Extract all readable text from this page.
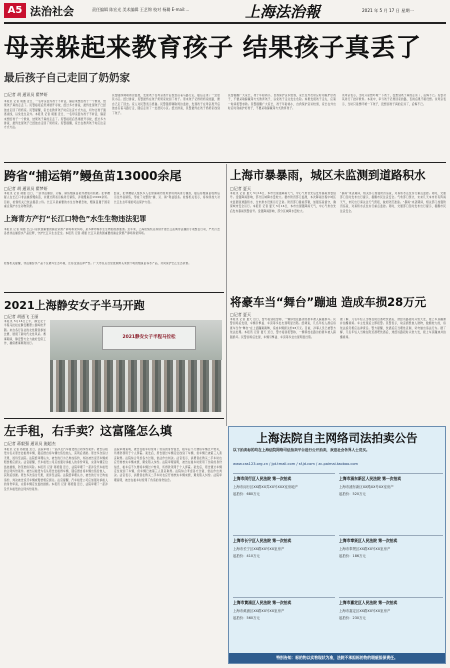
A5 法治社会	责任编辑 陈宏光 美术编辑 王艺锦 校对 杨璐 E-mail:...	上海法治報	2021 年 5 月 17 日 星期一
母亲躲起来教育孩子 结果孩子真丢了
最后孩子自己走回了奶奶家
□记者 胡 通讯员 翟梦妍
本报讯 记者 胡通 近日，一名母亲因为孩子不听话，躲起来想给孩子一个教训，结果孩子真的走丢了。民警接报后迅速展开寻找，经过多方排查，最终发现孩子已经独自走回了奶奶家。民警提醒，家长在教育孩子时应注意方式方法，切勿让孩子脱离视线，以免发生意外。本报讯 记者 胡通 近日，一名母亲因为孩子不听话，躲起来想给孩子一个教训，结果孩子真的走丢了。民警接报后迅速展开寻找，经过多方排查，最终发现孩子已经独自走回了奶奶家。民警提醒，家长在教育孩子时应注意方式方法。
民警随即调取周边监控，发现孩子在母亲离开后独自沿着马路行走，随后走进了一处居民小区。经过排查，民警最终在孩子奶奶家找到了孩子。原来孩子记得奶奶家的路，便自己走了回去。家人对民警表示感谢。民警随即调取周边监控，发现孩子在母亲离开后独自沿着马路行走，随后走进了一处居民小区。经过排查，民警最终在孩子奶奶家找到了孩子。
民警提醒广大家长，孩子年龄尚小，自我保护意识较弱，家长在外出时应时刻看护好孩子，不要采取躲藏等方式教育孩子，以免孩子走失发生危险。如果发现孩子走失，应第一时间报警求助。民警提醒广大家长，孩子年龄尚小，自我保护意识较弱，家长在外出时应时刻看护好孩子，不要采取躲藏等方式教育孩子。
该母亲表示，当时只是想吓唬一下孩子，没想到孩子真的走远了，后悔不已。民警对其进行了批评教育。本案中，幸亏孩子记得回家的路，否则后果不堪设想。该母亲表示，当时只是想吓唬一下孩子，没想到孩子真的走远了，后悔不已。
跨省“捕运销”鳗鱼苗13000余尾
□记者 胡 通讯员 翟梦妍
本报讯 记者 胡通 近日，一起非法捕捞、运输、销售鳗鱼苗案件被成功侦破。犯罪嫌疑人在长江口非法捕捞鳗鱼苗，并通过跨省运输进行销售，涉案鳗鱼苗13000余尾。目前，检察机关已依法提起公诉。长江口是重要的水生生物栖息地，鳗鱼苗属于国家重点保护水生动物资源。
经查，犯罪嫌疑人组织多人在禁渔期内使用禁用网具进行捕捞，随后将鳗鱼苗收购后运往外省销售，形成了完整的“捕、运、销”利益链条。检察机关表示，将持续加大对长江生态环境的司法保护力度。
上海青方产打“长江口特色”水生生物违法犯罪
本报讯 记者 胡通 长江口是我国重要的渔业资源产卵场和索饵场，是多种珍稀水生生物的洄游通道。近年来，上海检察机关持续开展长江流域非法捕捞专项整治行动，严厉打击各类非法捕捞水产品犯罪，守护长江口生态安全。本报讯 记者 胡通 长江口是我国重要的渔业资源产卵场和索饵场。
检察机关提醒，非法捕捞水产品不仅破坏生态环境，还将受到法律严惩。广大市民应自觉抵制购买来源不明的鳗鱼苗等水产品，共同保护长江生态资源。
2021上海静安女子半马开跑
□记者 胡通飞 王丽
本报讯 5月16日上午，静安女子半程马拉松在静安雕塑公园鸣枪开跑。来自各行各业的女性跑者参加比赛，展现了新时代女性风采。赛事期间，静安警方全力做好安保工作，确保赛事顺利进行。
2021静安女子半程马拉松
左手租，右手卖？这富隆怎么填
□记者 蒋毅强 通讯员 施超杰
本报讯 记者 蒋毅强 近日，法院审理了一起涉及汽车租赁的合同纠纷案件。被告以租赁为名从原告处租得车辆，随后擅自将车辆出售给他人，获利后逃匿。原告多次追讨无果，遂诉至法院。法院经审理认为，被告的行为已构成违约，判决被告返还车辆或赔偿相应损失。法官提醒，汽车租赁公司应加强对承租人的身份审查，完善车辆定位监控措施，防范类似风险。本报讯 记者 蒋毅强 近日，法院审理了一起涉及汽车租赁的合同纠纷案件。被告以租赁为名从原告处租得车辆，随后擅自将车辆出售给他人，获利后逃匿。原告多次追讨无果，遂诉至法院。法院经审理认为，被告的行为已构成违约，判决被告返还车辆或赔偿相应损失。法官提醒，汽车租赁公司应加强对承租人的身份审查，完善车辆定位监控措施。本报讯 记者 蒋毅强 近日，法院审理了一起涉及汽车租赁的合同纠纷案件。
法院审理查明，被告在租车时使用了伪造的身份信息，租车后不久便将车辆过户转卖，所得款项用于个人挥霍。案发后，原告通过车辆定位找到了车辆，但车辆已被第三人善意取得。法院综合考虑各方过错，依法作出判决。法官表示，消费者在购买二手车时也应仔细核实车辆来源，避免陷入纠纷。法院审理查明，被告在租车时使用了伪造的身份信息，租车后不久便将车辆过户转卖，所得款项用于个人挥霍。案发后，原告通过车辆定位找到了车辆，但车辆已被第三人善意取得。法院综合考虑各方过错，依法作出判决。法官表示，消费者在购买二手车时也应仔细核实车辆来源，避免陷入纠纷。法院审理查明，被告在租车时使用了伪造的身份信息。
上海市暴暴雨，城区未监测到道路积水
□记者 夏天
本报讯 记者 夏天 5月16日，本市出现强降雨天气，中心气象台先后发布暴雨预警信号。受强降雨影响，部分区域降水量较大。据市防汛部门监测，本次降雨过程中城区未监测到道路积水，全市排水设施运行正常。防汛部门提前部署，加强巡查值守，确保城市安全运行。本报讯 记者 夏天 5月16日，本市出现强降雨天气，中心气象台先后发布暴雨预警信号。受强降雨影响，部分区域降水量较大。
“暴雨”来袭期间，相关部门加强防汛巡查，对易积水点位实行重点监控。同时，交通部门及时发布出行提示，提醒市民注意安全。气象部门预计，未来几天本市仍有阵雨天气，市民出行请关注天气预报，做好防范准备。“暴雨”来袭期间，相关部门加强防汛巡查，对易积水点位实行重点监控。同时，交通部门及时发布出行提示，提醒市民注意安全。
将豪车当“舞台”蹦迪 造成车损28万元
□记者 夏天
本报讯 记者 夏天 近日，警方接到报警称，一辆停放在路边的豪车被人踩踏损坏。民警到场后发现，车辆引擎盖、车顶等多处出现明显凹陷。经调查，几名年轻人酒后将豪车当作“舞台”在上面蹦跳跳舞，造成车辆损失约28万元。目前，涉事人员已被警方依法处理。本报讯 记者 夏天 近日，警方接到报警称，一辆停放在路边的豪车被人踩踏损坏。民警到场后发现，车辆引擎盖、车顶等多处出现明显凹陷。
据了解，几名年轻人当晚在附近酒吧饮酒后，途经该路段时兴致大发，爬上车顶蹦迪并拍摄视频。车主发现后立即报警。民警表示，故意损毁他人财物，数额较大的，将依法追究相应法律责任。警方提醒，饮酒后应当理性克制，切勿做出违法行为。据了解，几名年轻人当晚在附近酒吧饮酒后，途经该路段时兴致大发，爬上车顶蹦迪并拍摄视频。
上海法院自主网络司法拍卖公告
以下拍卖标的均在上海法院网络司法拍卖平台进行公开拍卖，欢迎社会各界人士竞买。
www.cas123.org.cn / jpt.tmall.com / sf.jd.com / zc-paimai.taobao.com
上海市闵行区人民法院 第一次拍卖
上海市闵行区XX路XX弄XX号XXX室房地产
起拍价：680万元
上海市浦东新区人民法院 第一次拍卖
上海市浦东新区XX路XX号XX室房产
起拍价：520万元
上海市长宁区人民法院 第一次拍卖
上海市长宁区XX路XX号XX室房产
起拍价：410万元
上海市奉贤区人民法院 第一次拍卖
上海市奉贤区XX路XX号XX室房产
起拍价：186万元
上海市黄浦区人民法院 第一次拍卖
上海市黄浦区XX路XX号XX室房产
起拍价：560万元
上海市嘉定区人民法院 第一次拍卖
上海市嘉定区XX路XX号XX室房产
起拍价：230万元
特别告知：标的物以实物现状为准，法院不承担标的物的瑕疵担保责任。
